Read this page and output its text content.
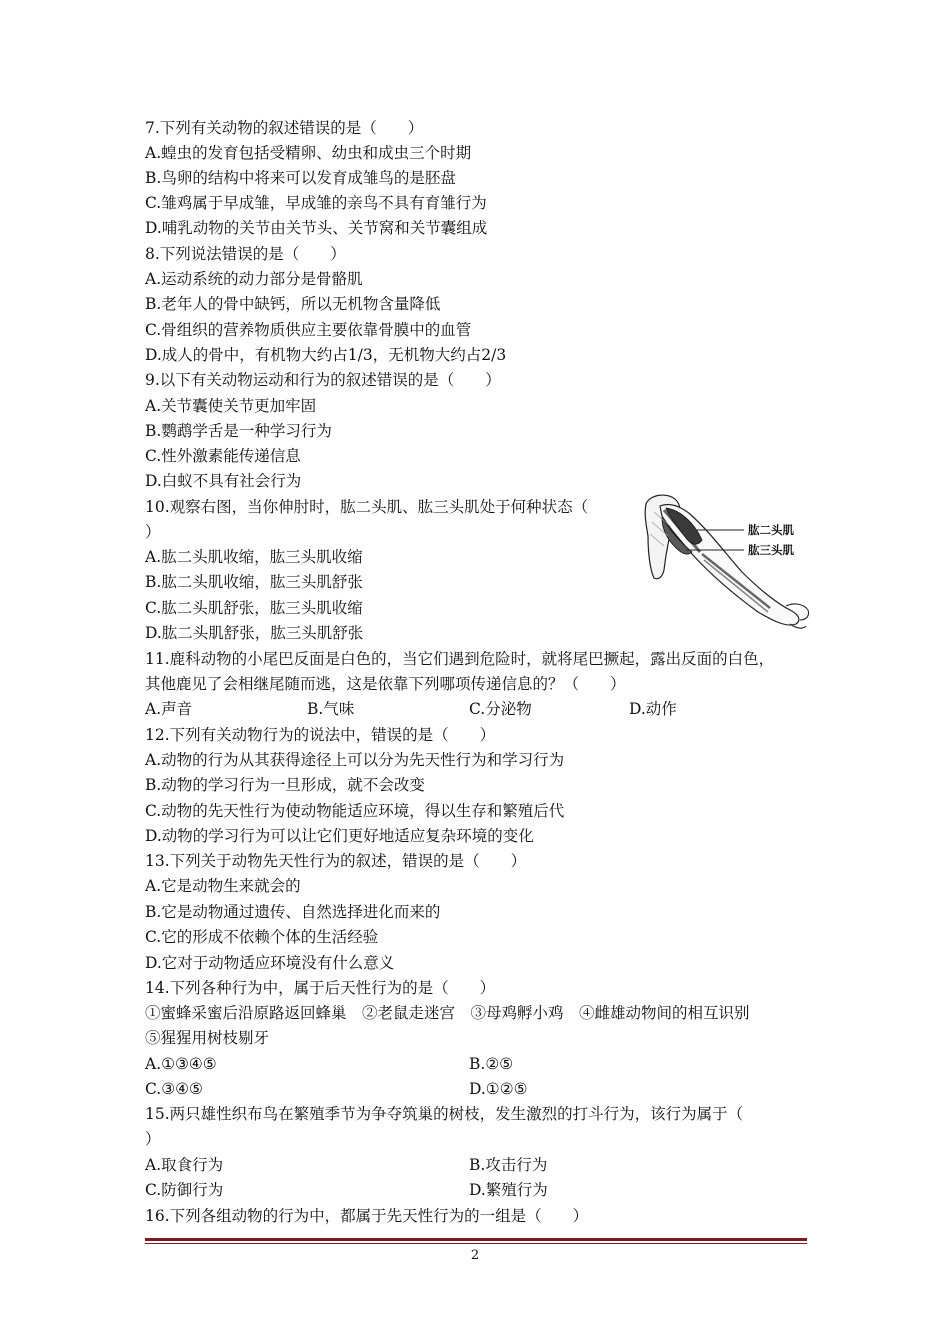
7.下列有关动物的叙述错误的是（　　）
A.蝗虫的发育包括受精卵、幼虫和成虫三个时期
B.鸟卵的结构中将来可以发育成雏鸟的是胚盘
C.雏鸡属于早成雏，早成雏的亲鸟不具有育雏行为
D.哺乳动物的关节由关节头、关节窝和关节囊组成
8.下列说法错误的是（　　）
A.运动系统的动力部分是骨骼肌
B.老年人的骨中缺钙，所以无机物含量降低
C.骨组织的营养物质供应主要依靠骨膜中的血管
D.成人的骨中，有机物大约占1/3，无机物大约占2/3
9.以下有关动物运动和行为的叙述错误的是（　　）
A.关节囊使关节更加牢固
B.鹦鹉学舌是一种学习行为
C.性外激素能传递信息
D.白蚁不具有社会行为
10.观察右图，当你伸肘时，肱二头肌、肱三头肌处于何种状态（
）
A.肱二头肌收缩，肱三头肌收缩
B.肱二头肌收缩，肱三头肌舒张
C.肱二头肌舒张，肱三头肌收缩
D.肱二头肌舒张，肱三头肌舒张
肱二头肌
肱三头肌
11.鹿科动物的小尾巴反面是白色的，当它们遇到危险时，就将尾巴撅起，露出反面的白色，
其他鹿见了会相继尾随而逃，这是依靠下列哪项传递信息的？（　　）
A.声音	B.气味	C.分泌物	D.动作
12.下列有关动物行为的说法中，错误的是（　　）
A.动物的行为从其获得途径上可以分为先天性行为和学习行为
B.动物的学习行为一旦形成，就不会改变
C.动物的先天性行为使动物能适应环境，得以生存和繁殖后代
D.动物的学习行为可以让它们更好地适应复杂环境的变化
13.下列关于动物先天性行为的叙述，错误的是（　　）
A.它是动物生来就会的
B.它是动物通过遗传、自然选择进化而来的
C.它的形成不依赖个体的生活经验
D.它对于动物适应环境没有什么意义
14.下列各种行为中，属于后天性行为的是（　　）
①蜜蜂采蜜后沿原路返回蜂巢　②老鼠走迷宫　③母鸡孵小鸡　④雌雄动物间的相互识别
⑤猩猩用树枝剔牙
A.①③④⑤	B.②⑤
C.③④⑤	D.①②⑤
15.两只雄性织布鸟在繁殖季节为争夺筑巢的树枝，发生激烈的打斗行为，该行为属于（
）
A.取食行为	B.攻击行为
C.防御行为	D.繁殖行为
16.下列各组动物的行为中，都属于先天性行为的一组是（　　）
2
